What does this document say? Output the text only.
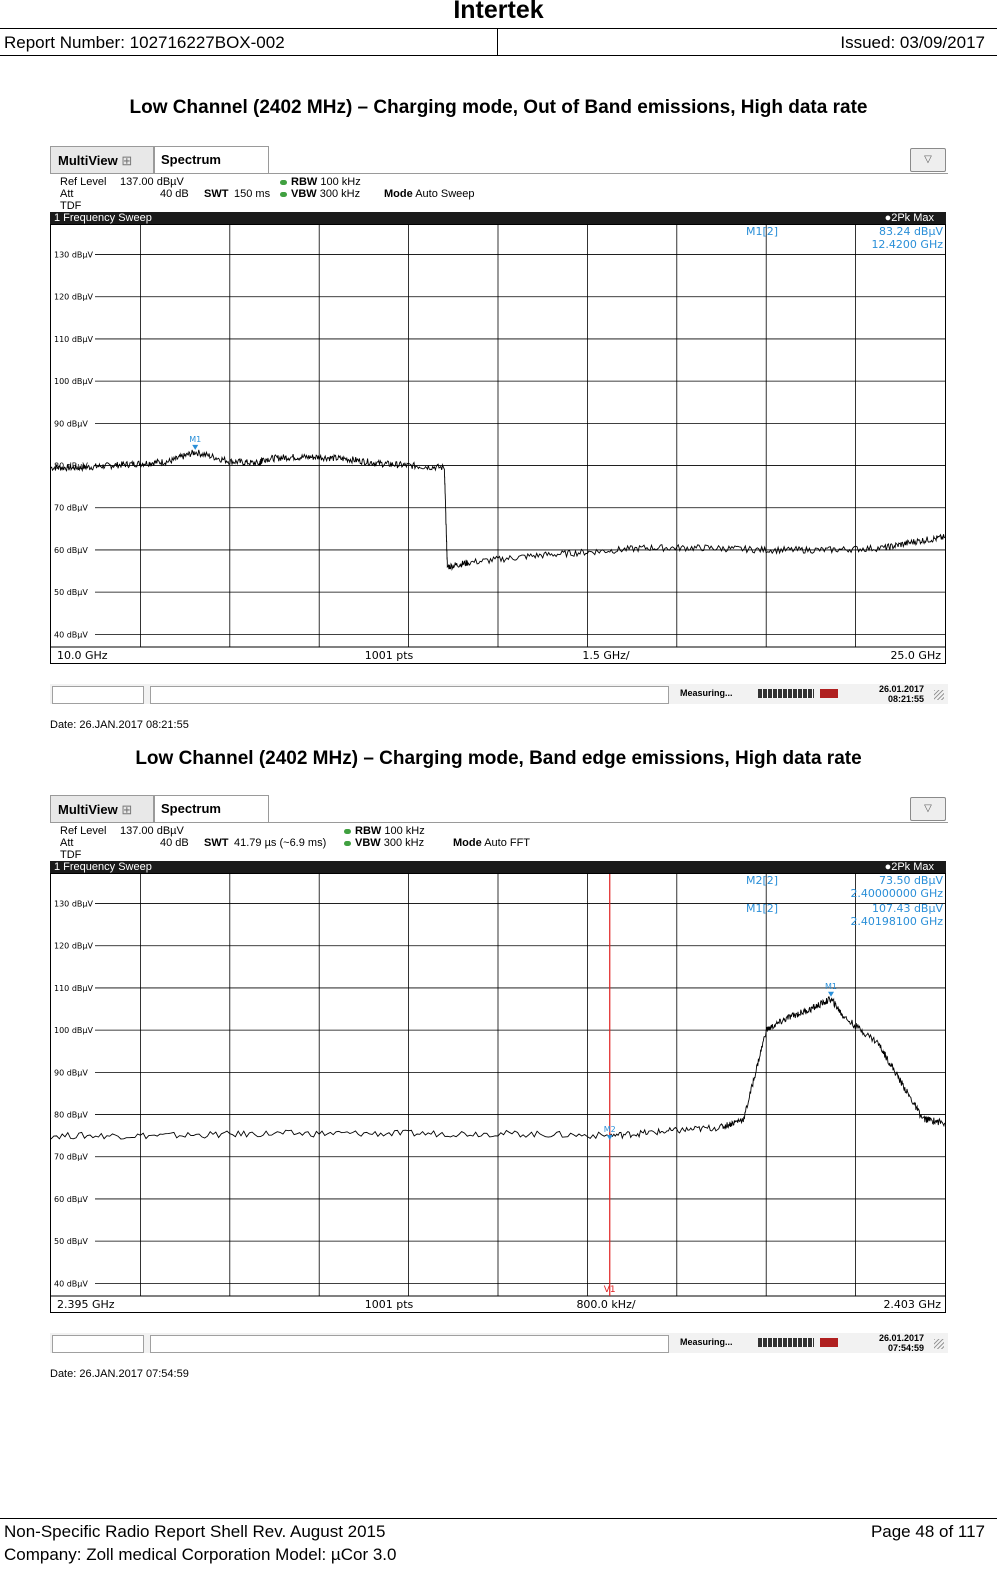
Intertek
Report Number: 102716227BOX-002	Issued: 03/09/2017
Low Channel (2402 MHz) – Charging mode, Out of Band emissions, High data rate
MultiView ⊞	Spectrum	▽
Ref Level 137.00 dBµV
Att	40 dB
TDF
SWT 150 ms
RBW 100 kHz
VBW 300 kHz Mode Auto Sweep
1 Frequency Sweep	●2Pk Max
130 dBµV
120 dBµV
110 dBµV
100 dBµV
90 dBµV
80 dBµV
70 dBµV
60 dBµV
50 dBµV
40 dBµV
10.0 GHz	1001 pts	1.5 GHz/	25.0 GHz
M1
M1[2]	83.24 dBµV
12.4200 GHz
Measuring...	26.01.2017
08:21:55
Date: 26.JAN.2017 08:21:55
Low Channel (2402 MHz) – Charging mode, Band edge emissions, High data rate
MultiView ⊞	Spectrum	▽
Ref Level 137.00 dBµV
Att	40 dB
TDF
SWT 41.79 µs (~6.9 ms)
RBW 100 kHz
VBW 300 kHz	Mode Auto FFT
1 Frequency Sweep	●2Pk Max
130 dBµV
120 dBµV
110 dBµV
100 dBµV
90 dBµV
80 dBµV
70 dBµV
60 dBµV
50 dBµV
40 dBµV
2.395 GHz	1001 pts	800.0 kHz/	2.403 GHz
V1
M2
M2[2]	73.50 dBµV
2.40000000 GHz
M1
M1[2]	107.43 dBµV
2.40198100 GHz
Measuring...	26.01.2017
07:54:59
Date: 26.JAN.2017 07:54:59
Non-Specific Radio Report Shell Rev. August 2015	Page 48 of 117
Company: Zoll medical Corporation Model: µCor 3.0
